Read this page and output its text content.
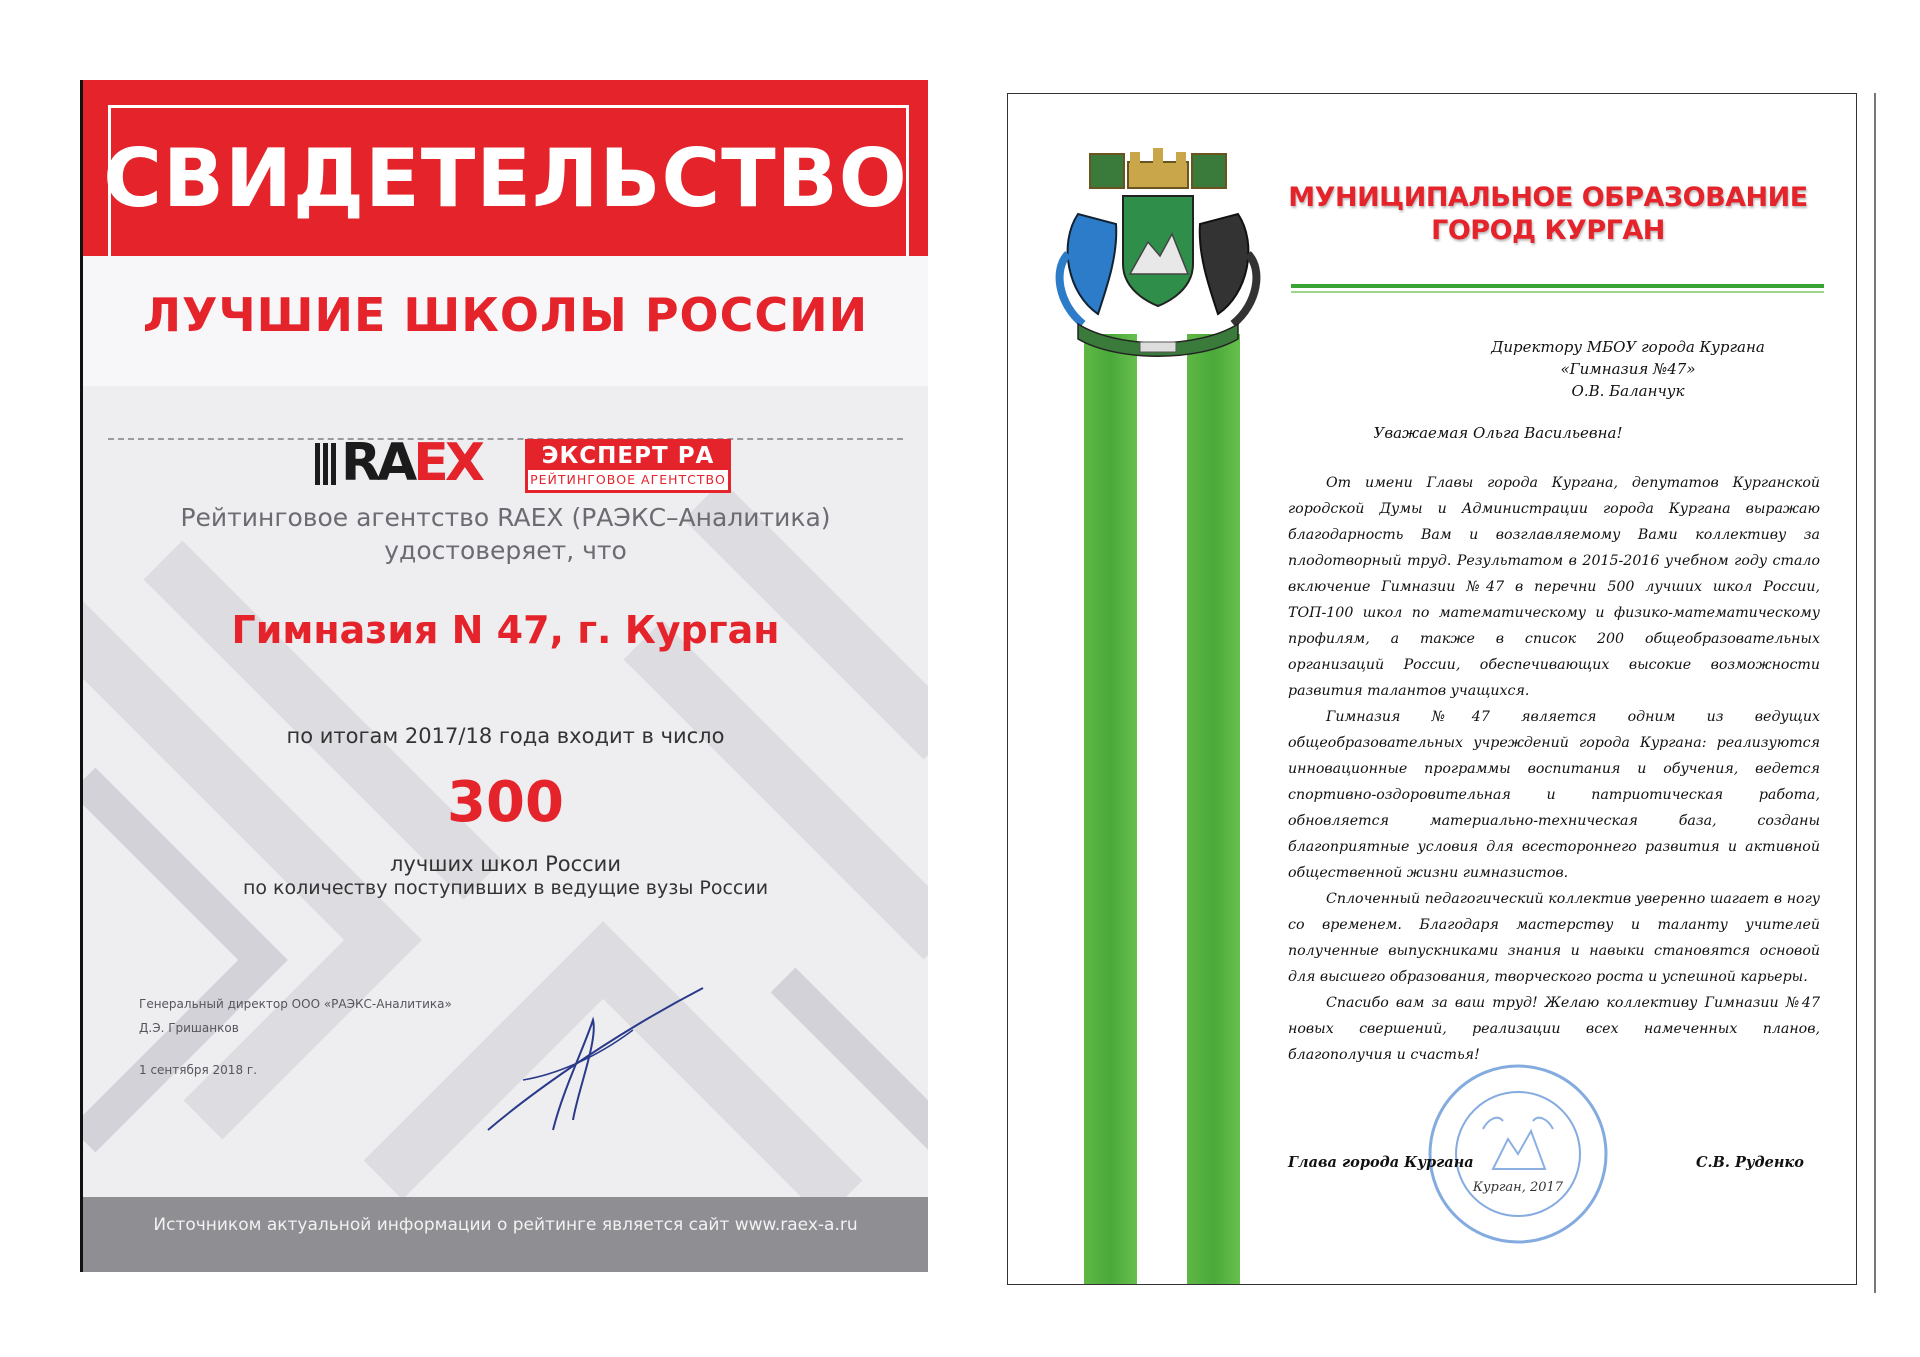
СВИДЕТЕЛЬСТВО
ЛУЧШИЕ ШКОЛЫ РОССИИ
RAEX	ЭКСПЕРТ РА
РЕЙТИНГОВОЕ АГЕНТСТВО
Рейтинговое агентство RAEX (РАЭКС–Аналитика)
удостоверяет, что
Гимназия N 47, г. Курган
по итогам 2017/18 года входит в число
300
лучших школ России
по количеству поступивших в ведущие вузы России
Генеральный директор ООО «РАЭКС-Аналитика»
Д.Э. Гришанков
1 сентября 2018 г.
Источником актуальной информации о рейтинге является сайт www.raex-a.ru
МУНИЦИПАЛЬНОЕ ОБРАЗОВАНИЕ
ГОРОД КУРГАН
Директору МБОУ города Кургана
«Гимназия №47»
О.В. Баланчук
Уважаемая Ольга Васильевна!

От имени Главы города Кургана, депутатов Курганской городской Думы и Администрации города Кургана выражаю благодарность Вам и возглавляемому Вами коллективу за плодотворный труд. Результатом в 2015-2016 учебном году стало включение Гимназии №47 в перечни 500 лучших школ России, ТОП-100 школ по математическому и физико-математическому профилям, а также в список 200 общеобразовательных организаций России, обеспечивающих высокие возможности развития талантов учащихся.

Гимназия №47 является одним из ведущих общеобразовательных учреждений города Кургана: реализуются инновационные программы воспитания и обучения, ведется спортивно-оздоровительная и патриотическая работа, обновляется материально-техническая база, созданы благоприятные условия для всестороннего развития и активной общественной жизни гимназистов.

Сплоченный педагогический коллектив уверенно шагает в ногу со временем. Благодаря мастерству и таланту учителей полученные выпускниками знания и навыки становятся основой для высшего образования, творческого роста и успешной карьеры.

Спасибо вам за ваш труд! Желаю коллективу Гимназии №47 новых свершений, реализации всех намеченных планов, благополучия и счастья!

Курган, 2017
Глава города Кургана	С.В. Руденко
